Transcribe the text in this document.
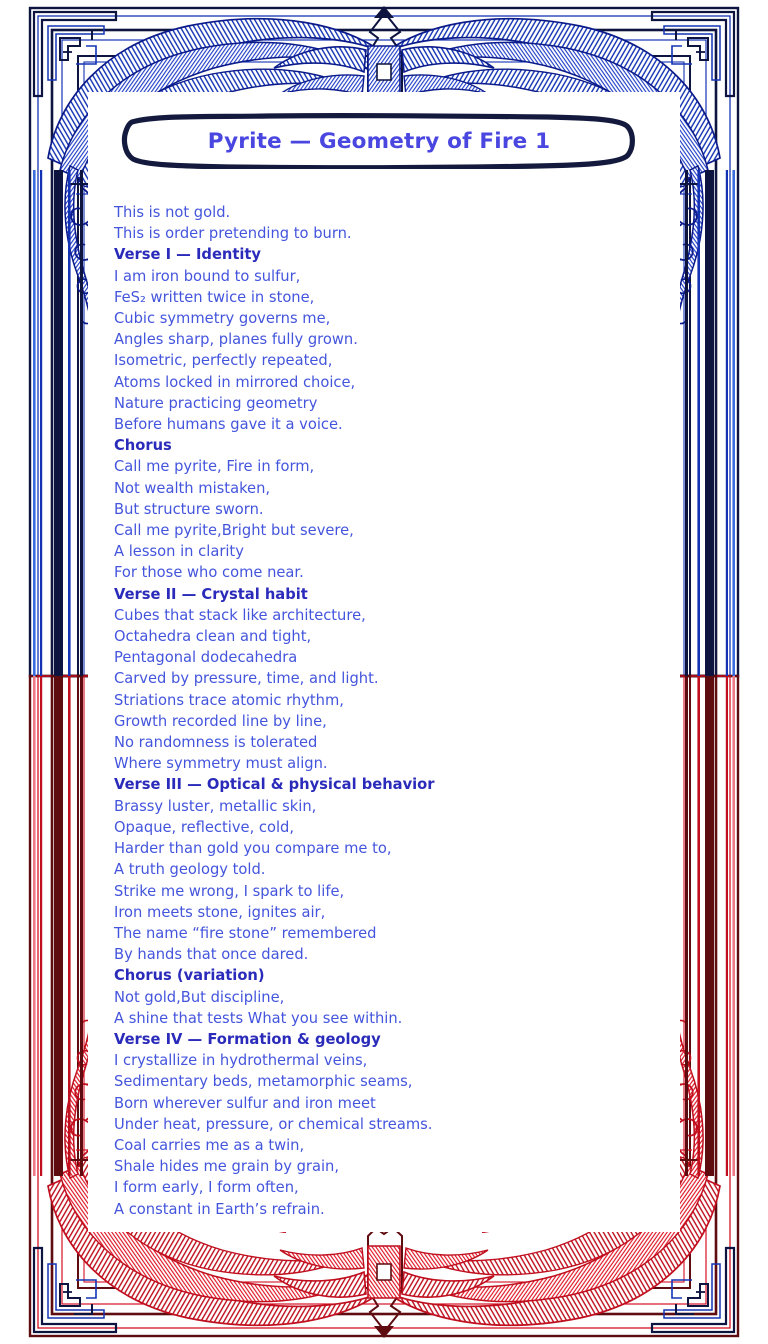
Pyrite — Geometry of Fire 1
This is not gold.
This is order pretending to burn.
Verse I — Identity
I am iron bound to sulfur,
FeS₂ written twice in stone,
Cubic symmetry governs me,
Angles sharp, planes fully grown.
Isometric, perfectly repeated,
Atoms locked in mirrored choice,
Nature practicing geometry
Before humans gave it a voice.
Chorus
Call me pyrite, Fire in form,
Not wealth mistaken,
But structure sworn.
Call me pyrite,Bright but severe,
A lesson in clarity
For those who come near.
Verse II — Crystal habit
Cubes that stack like architecture,
Octahedra clean and tight,
Pentagonal dodecahedra
Carved by pressure, time, and light.
Striations trace atomic rhythm,
Growth recorded line by line,
No randomness is tolerated
Where symmetry must align.
Verse III — Optical & physical behavior
Brassy luster, metallic skin,
Opaque, reflective, cold,
Harder than gold you compare me to,
A truth geology told.
Strike me wrong, I spark to life,
Iron meets stone, ignites air,
The name “fire stone” remembered
By hands that once dared.
Chorus (variation)
Not gold,But discipline,
A shine that tests What you see within.
Verse IV — Formation & geology
I crystallize in hydrothermal veins,
Sedimentary beds, metamorphic seams,
Born wherever sulfur and iron meet
Under heat, pressure, or chemical streams.
Coal carries me as a twin,
Shale hides me grain by grain,
I form early, I form often,
A constant in Earth’s refrain.
